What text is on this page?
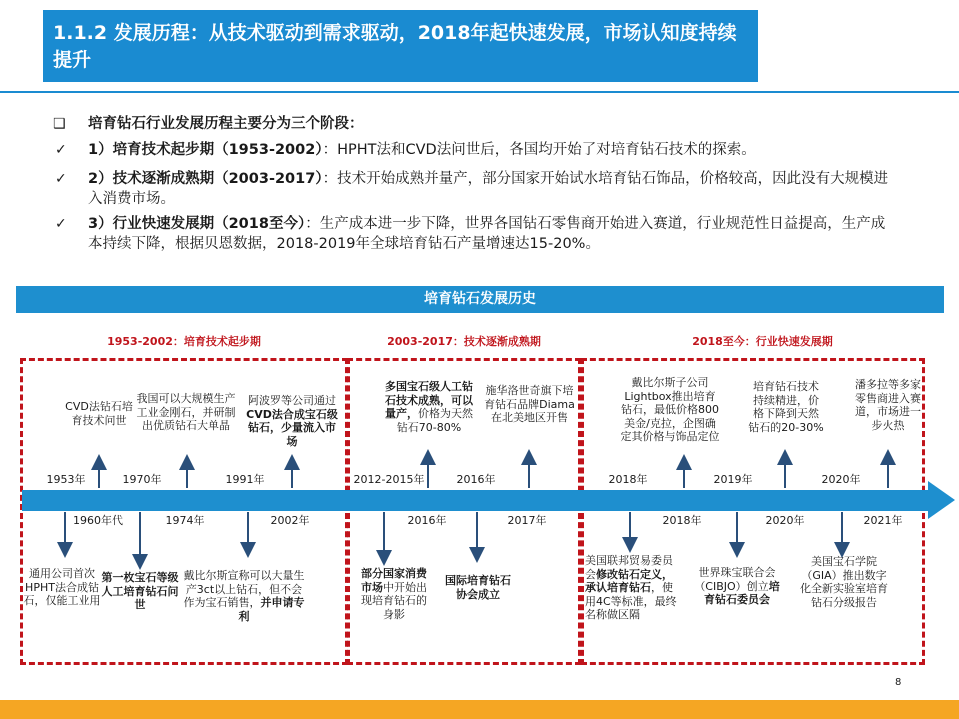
1.1.2 发展历程：从技术驱动到需求驱动，2018年起快速发展，市场认知度持续提升
❑ 培育钻石行业发展历程主要分为三个阶段：
✓ 1）培育技术起步期（1953-2002）：HPHT法和CVD法问世后，各国均开始了对培育钻石技术的探索。
✓ 2）技术逐渐成熟期（2003-2017）：技术开始成熟并量产，部分国家开始试水培育钻石饰品，价格较高，因此没有大规模进入消费市场。
✓ 3）行业快速发展期（2018至今）：生产成本进一步下降，世界各国钻石零售商开始进入赛道，行业规范性日益提高，生产成本持续下降，根据贝恩数据，2018-2019年全球培育钻石产量增速达15-20%。
培育钻石发展历史
1953-2002：培育技术起步期	2003-2017：技术逐渐成熟期	2018至今：行业快速发展期
1953年	1970年	1991年	2012-2015年	2016年	2018年	2019年	2020年
1960年代	1974年	2002年	2016年	2017年	2018年	2020年	2021年
CVD法钻石培育技术问世
我国可以大规模生产工业金刚石，并研制出优质钻石大单晶
阿波罗等公司通过CVD法合成宝石级钻石，少量流入市场
多国宝石级人工钻石技术成熟，可以量产，价格为天然钻石70-80%
施华洛世奇旗下培育钻石品牌Diama在北美地区开售
戴比尔斯子公司Lightbox推出培育钻石，最低价格800美金/克拉，企图确定其价格与饰品定位
培育钻石技术持续精进，价格下降到天然钻石的20-30%
潘多拉等多家零售商进入赛道，市场进一步火热
通用公司首次HPHT法合成钻石，仅能工业用
第一枚宝石等级人工培育钻石问世
戴比尔斯宣称可以大量生产3ct以上钻石，但不会作为宝石销售，并申请专利
部分国家消费市场中开始出现培育钻石的身影
国际培育钻石协会成立
美国联邦贸易委员会修改钻石定义，承认培育钻石，使用4C等标准，最终名称做区隔
世界珠宝联合会（CIBJO）创立培育钻石委员会
美国宝石学院（GIA）推出数字化全新实验室培育钻石分级报告
8
